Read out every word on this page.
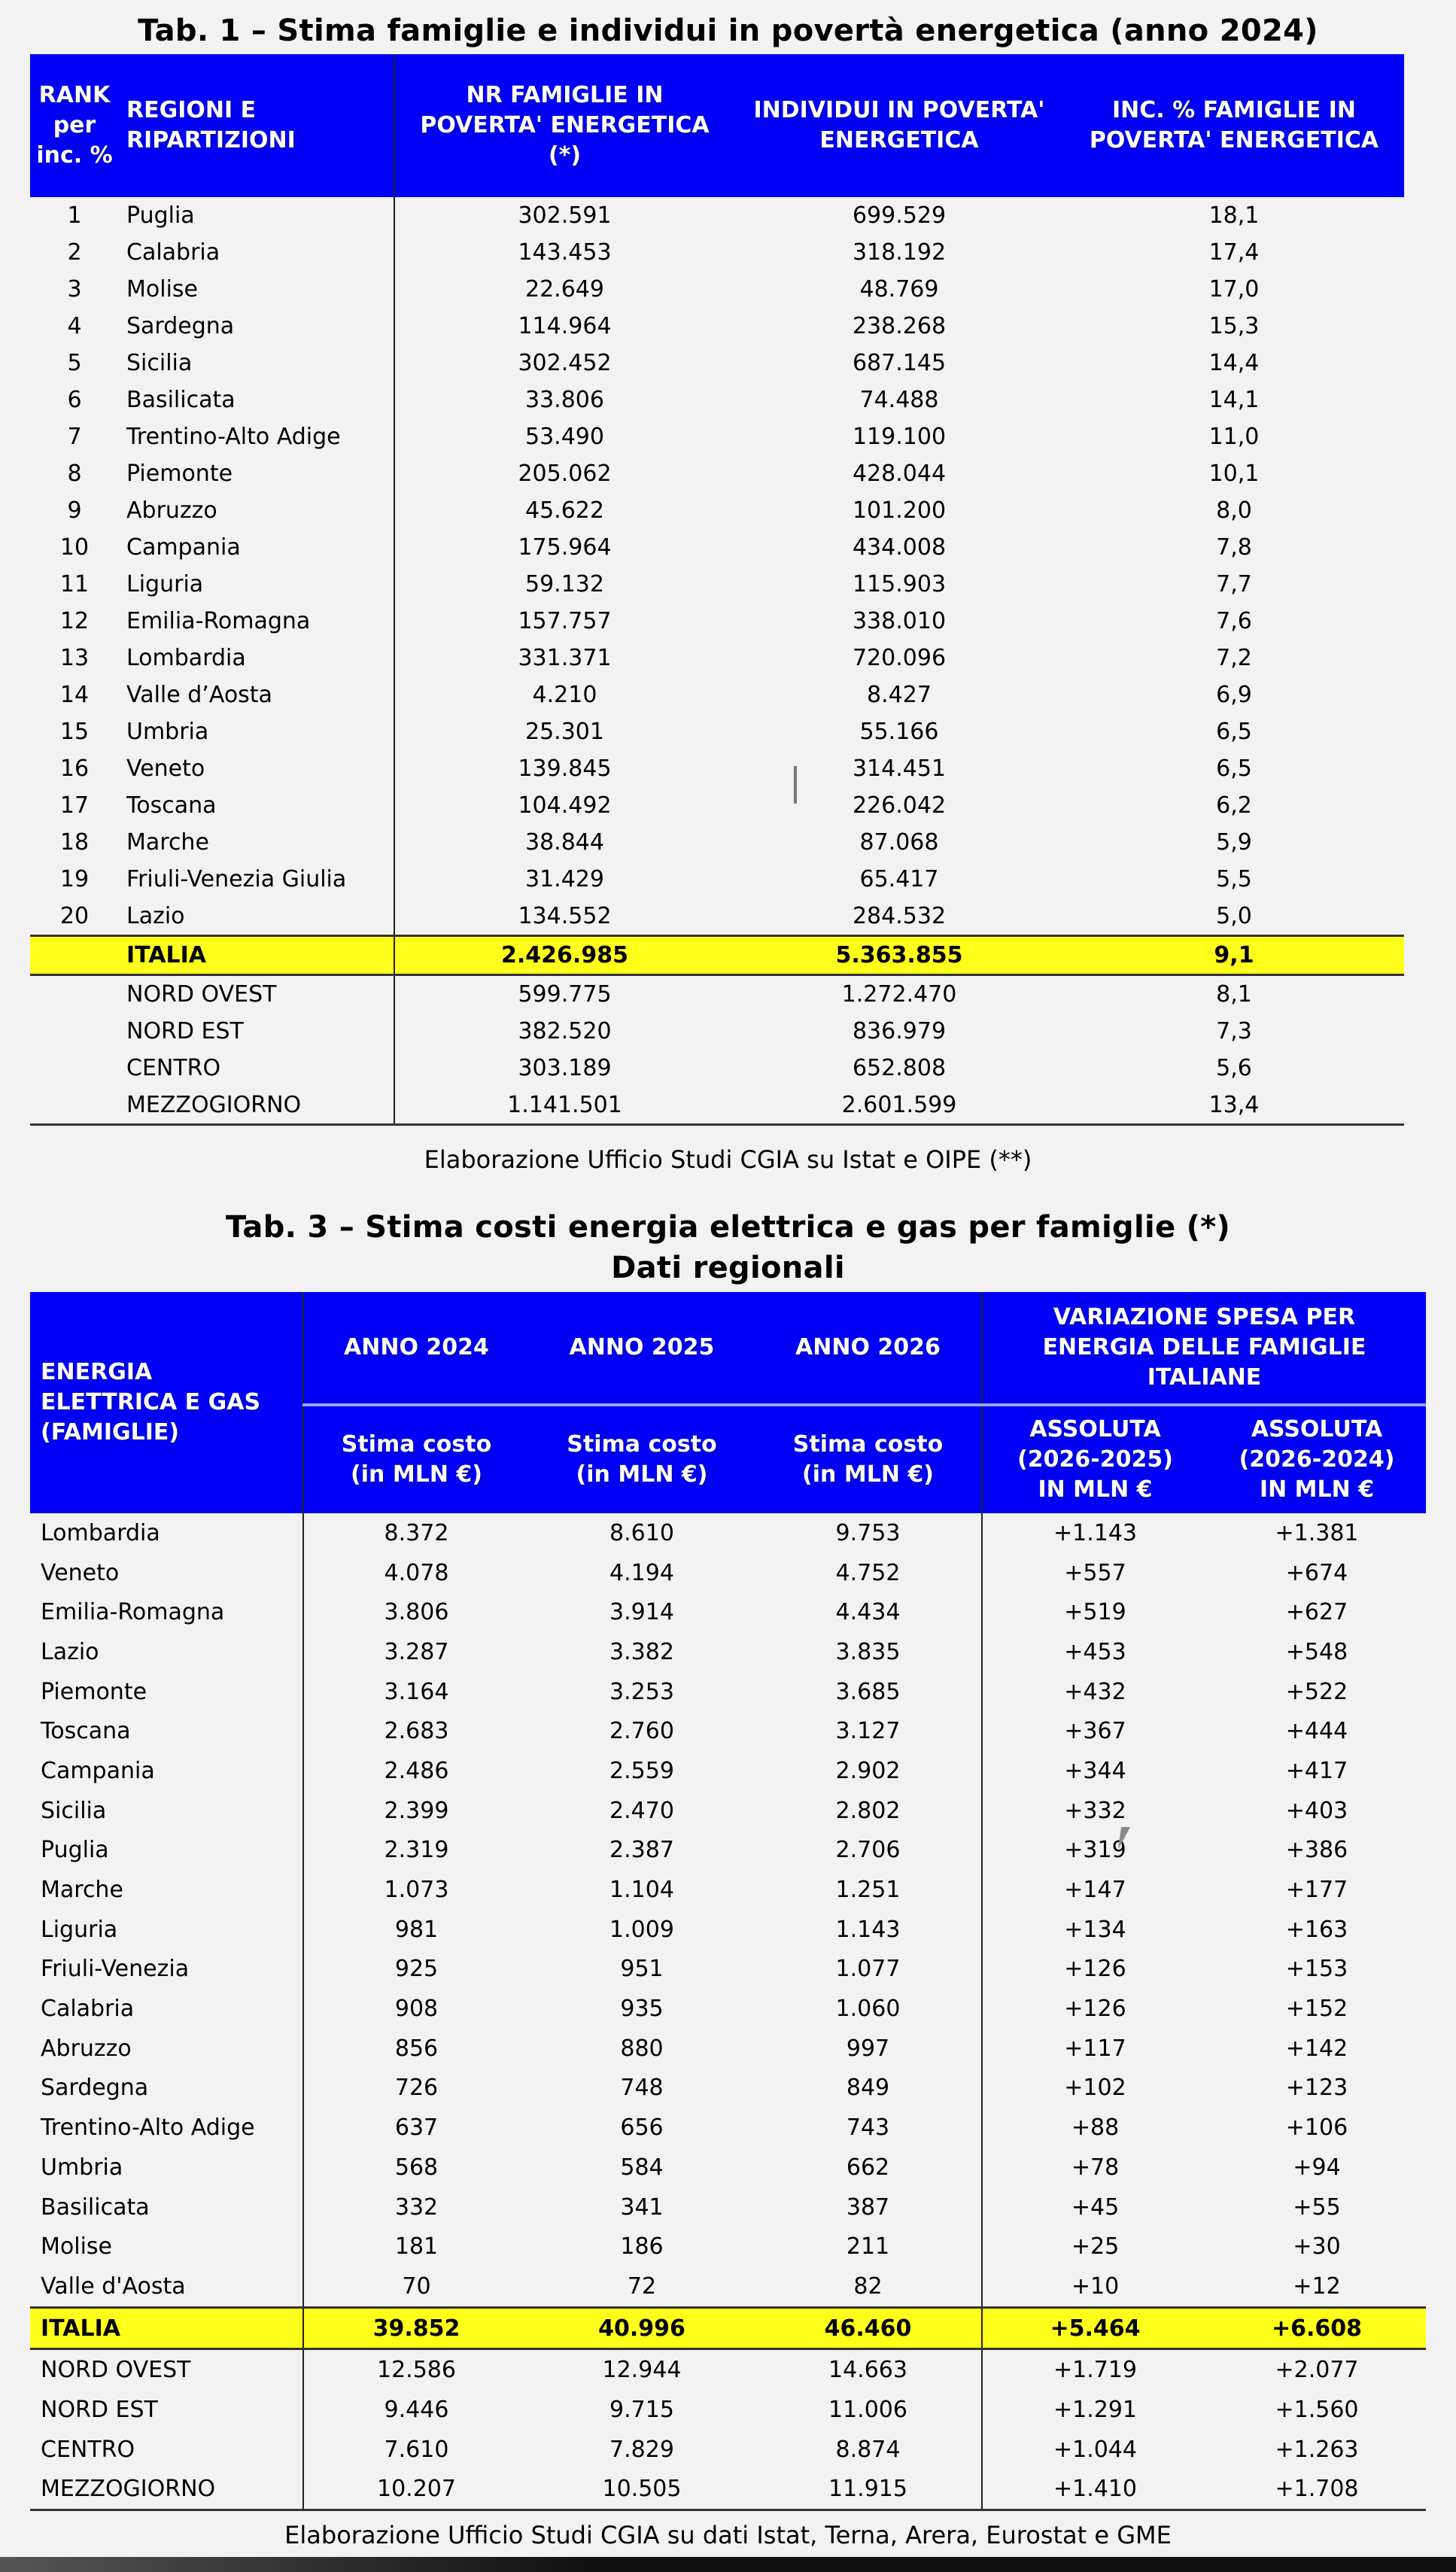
Tab. 1 – Stima famiglie e individui in povertà energetica (anno 2024)
RANK per inc. %	REGIONI E RIPARTIZIONI	NR FAMIGLIE IN POVERTA' ENERGETICA (*)	INDIVIDUI IN POVERTA' ENERGETICA	INC. % FAMIGLIE IN POVERTA' ENERGETICA
1	Puglia	302.591	699.529	18,1
2	Calabria	143.453	318.192	17,4
3	Molise	22.649	48.769	17,0
4	Sardegna	114.964	238.268	15,3
5	Sicilia	302.452	687.145	14,4
6	Basilicata	33.806	74.488	14,1
7	Trentino-Alto Adige	53.490	119.100	11,0
8	Piemonte	205.062	428.044	10,1
9	Abruzzo	45.622	101.200	8,0
10	Campania	175.964	434.008	7,8
11	Liguria	59.132	115.903	7,7
12	Emilia-Romagna	157.757	338.010	7,6
13	Lombardia	331.371	720.096	7,2
14	Valle d’Aosta	4.210	8.427	6,9
15	Umbria	25.301	55.166	6,5
16	Veneto	139.845	314.451	6,5
17	Toscana	104.492	226.042	6,2
18	Marche	38.844	87.068	5,9
19	Friuli-Venezia Giulia	31.429	65.417	5,5
20	Lazio	134.552	284.532	5,0
	ITALIA	2.426.985	5.363.855	9,1
	NORD OVEST	599.775	1.272.470	8,1
	NORD EST	382.520	836.979	7,3
	CENTRO	303.189	652.808	5,6
	MEZZOGIORNO	1.141.501	2.601.599	13,4
Elaborazione Ufficio Studi CGIA su Istat e OIPE (**)
Tab. 3 – Stima costi energia elettrica e gas per famiglie (*)
Dati regionali
ENERGIA ELETTRICA E GAS (FAMIGLIE)	ANNO 2024	ANNO 2025	ANNO 2026	VARIAZIONE SPESA PER ENERGIA DELLE FAMIGLIE ITALIANE	
	Stima costo (in MLN €)	Stima costo (in MLN €)	Stima costo (in MLN €)	ASSOLUTA (2026-2025) IN MLN €	ASSOLUTA (2026-2024) IN MLN €
Lombardia	8.372	8.610	9.753	+1.143	+1.381
Veneto	4.078	4.194	4.752	+557	+674
Emilia-Romagna	3.806	3.914	4.434	+519	+627
Lazio	3.287	3.382	3.835	+453	+548
Piemonte	3.164	3.253	3.685	+432	+522
Toscana	2.683	2.760	3.127	+367	+444
Campania	2.486	2.559	2.902	+344	+417
Sicilia	2.399	2.470	2.802	+332	+403
Puglia	2.319	2.387	2.706	+319	+386
Marche	1.073	1.104	1.251	+147	+177
Liguria	981	1.009	1.143	+134	+163
Friuli-Venezia	925	951	1.077	+126	+153
Calabria	908	935	1.060	+126	+152
Abruzzo	856	880	997	+117	+142
Sardegna	726	748	849	+102	+123
Trentino-Alto Adige	637	656	743	+88	+106
Umbria	568	584	662	+78	+94
Basilicata	332	341	387	+45	+55
Molise	181	186	211	+25	+30
Valle d'Aosta	70	72	82	+10	+12
ITALIA	39.852	40.996	46.460	+5.464	+6.608
NORD OVEST	12.586	12.944	14.663	+1.719	+2.077
NORD EST	9.446	9.715	11.006	+1.291	+1.560
CENTRO	7.610	7.829	8.874	+1.044	+1.263
MEZZOGIORNO	10.207	10.505	11.915	+1.410	+1.708
Elaborazione Ufficio Studi CGIA su dati Istat, Terna, Arera, Eurostat e GME
